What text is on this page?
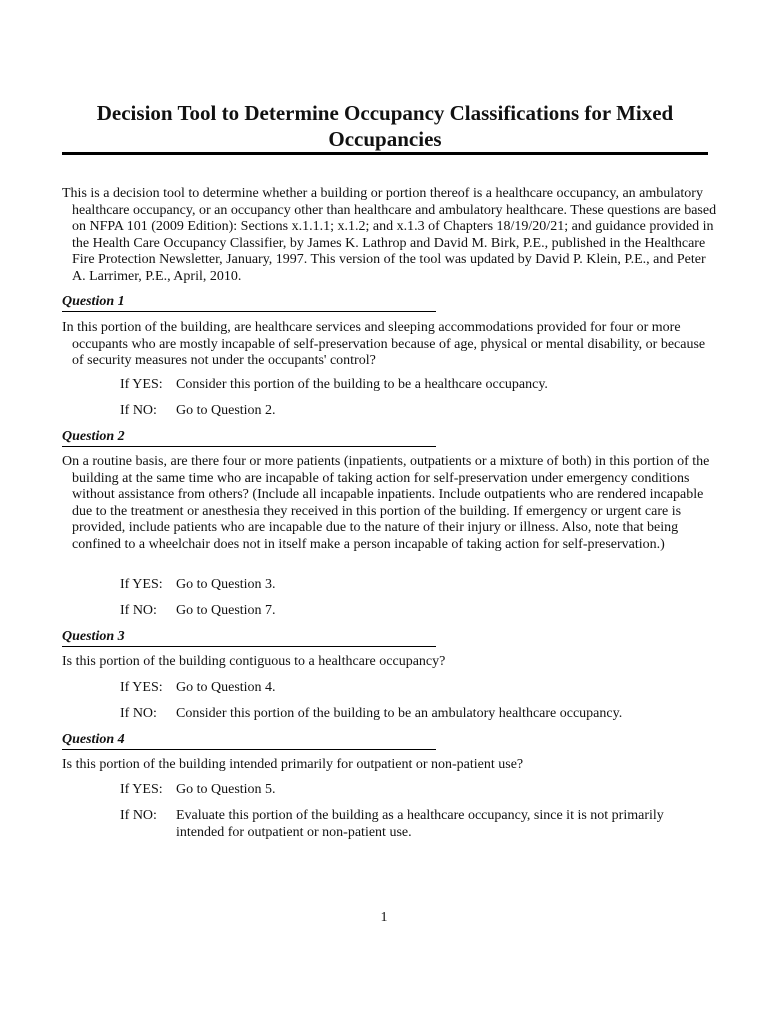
Decision Tool to Determine Occupancy Classifications for Mixed Occupancies
This is a decision tool to determine whether a building or portion thereof is a healthcare occupancy, an ambulatory healthcare occupancy, or an occupancy other than healthcare and ambulatory healthcare. These questions are based on NFPA 101 (2009 Edition): Sections x.1.1.1; x.1.2; and x.1.3 of Chapters 18/19/20/21; and guidance provided in the Health Care Occupancy Classifier, by James K. Lathrop and David M. Birk, P.E., published in the Healthcare Fire Protection Newsletter, January, 1997. This version of the tool was updated by David P. Klein, P.E., and Peter A. Larrimer, P.E., April, 2010.
Question 1
In this portion of the building, are healthcare services and sleeping accommodations provided for four or more occupants who are mostly incapable of self-preservation because of age, physical or mental disability, or because of security measures not under the occupants' control?
If YES: Consider this portion of the building to be a healthcare occupancy.
If NO:	Go to Question 2.
Question 2
On a routine basis, are there four or more patients (inpatients, outpatients or a mixture of both) in this portion of the building at the same time who are incapable of taking action for self-preservation under emergency conditions without assistance from others? (Include all incapable inpatients. Include outpatients who are rendered incapable due to the treatment or anesthesia they received in this portion of the building. If emergency or urgent care is provided, include patients who are incapable due to the nature of their injury or illness. Also, note that being confined to a wheelchair does not in itself make a person incapable of taking action for self-preservation.)
If YES: Go to Question 3.
If NO:	Go to Question 7.
Question 3
Is this portion of the building contiguous to a healthcare occupancy?
If YES: Go to Question 4.
If NO:	Consider this portion of the building to be an ambulatory healthcare occupancy.
Question 4
Is this portion of the building intended primarily for outpatient or non-patient use?
If YES: Go to Question 5.
If NO:	Evaluate this portion of the building as a healthcare occupancy, since it is not primarily intended for outpatient or non-patient use.
1
